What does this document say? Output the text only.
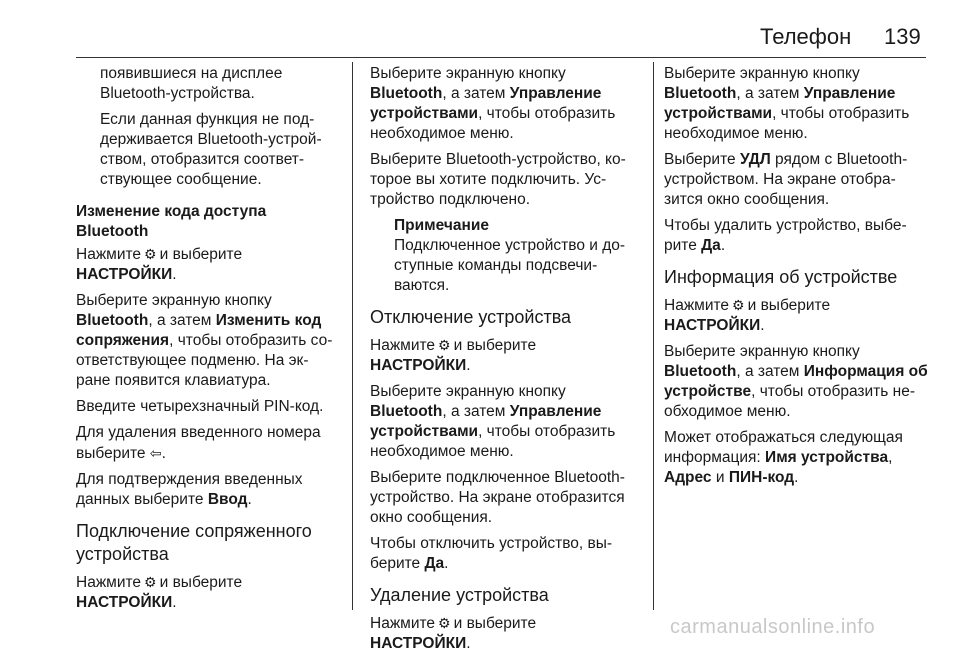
Телефон 139

появившиеся на дисплее Bluetooth-устройства.

Если данная функция не под-держивается Bluetooth-устрой-ством, отобразится соответ-ствующее сообщение.

Изменение кода доступа Bluetooth

Нажмите ⚙ и выберите
НАСТРОЙКИ.

Выберите экранную кнопку
Bluetooth, а затем Изменить код сопряжения, чтобы отобразить со-ответствующее подменю. На эк-ране появится клавиатура.

Введите четырехзначный PIN-код.

Для удаления введенного номера выберите ⇦.

Для подтверждения введенных данных выберите Ввод.

Подключение сопряженного устройства

Нажмите ⚙ и выберите
НАСТРОЙКИ.

Выберите экранную кнопку
Bluetooth, а затем Управление устройствами, чтобы отобразить необходимое меню.

Выберите Bluetooth-устройство, ко-торое вы хотите подключить. Ус-тройство подключено.

Примечание

Подключенное устройство и до-ступные команды подсвечи-ваются.

Отключение устройства

Нажмите ⚙ и выберите
НАСТРОЙКИ.

Выберите экранную кнопку
Bluetooth, а затем Управление устройствами, чтобы отобразить необходимое меню.

Выберите подключенное Bluetooth-устройство. На экране отобразится окно сообщения.

Чтобы отключить устройство, вы-берите Да.

Удаление устройства

Нажмите ⚙ и выберите
НАСТРОЙКИ.

Выберите экранную кнопку
Bluetooth, а затем Управление устройствами, чтобы отобразить необходимое меню.

Выберите УДЛ рядом с Bluetooth-устройством. На экране отобра-зится окно сообщения.

Чтобы удалить устройство, выбе-рите Да.

Информация об устройстве

Нажмите ⚙ и выберите
НАСТРОЙКИ.

Выберите экранную кнопку
Bluetooth, а затем Информация об устройстве, чтобы отобразить не-обходимое меню.

Может отображаться следующая информация: Имя устройства,
Адрес и ПИН-код.

carmanualsonline.info
